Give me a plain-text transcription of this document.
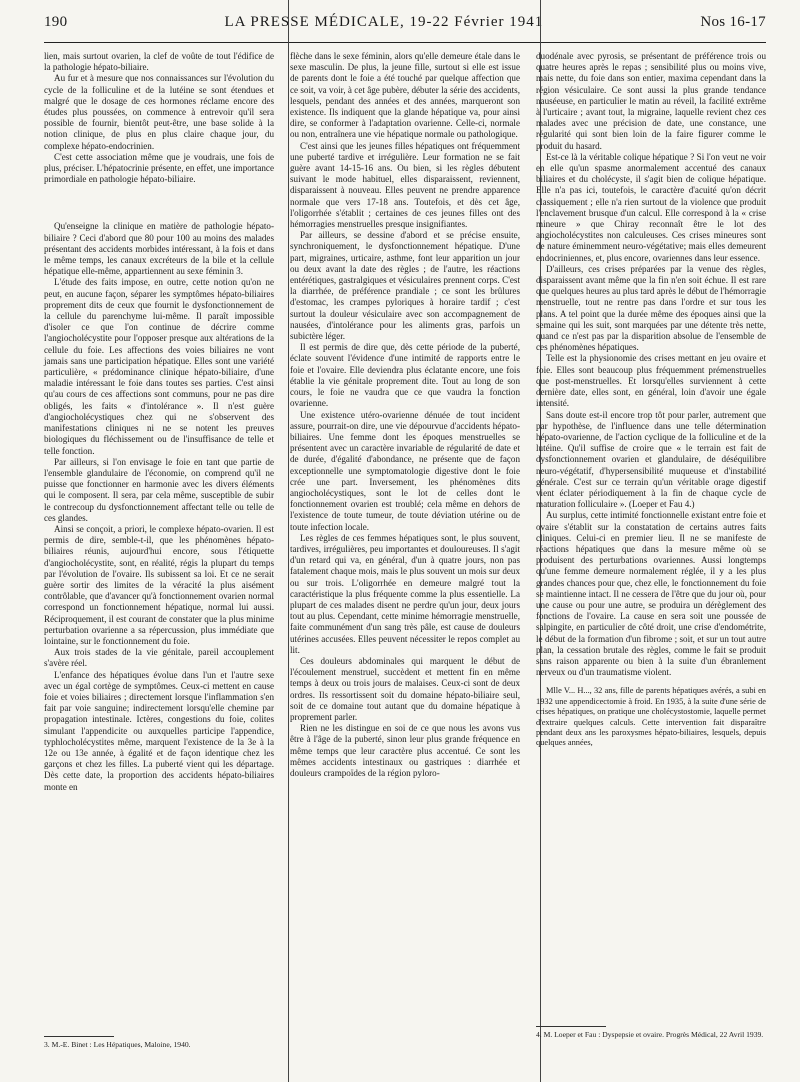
190	LA PRESSE MÉDICALE, 19-22 Février 1941	Nos 16-17

lien, mais surtout ovarien, la clef de voûte de tout l'édifice de la pathologie hépato-biliaire.

Au fur et à mesure que nos connaissances sur l'évolution du cycle de la folliculine et de la lutéine se sont étendues et malgré que le dosage de ces hormones réclame encore des études plus poussées, on commence à entrevoir qu'il sera possible de fournir, bientôt peut-être, une base solide à la notion clinique, de plus en plus claire chaque jour, du complexe hépato-endocrinien.

C'est cette association même que je voudrais, une fois de plus, préciser. L'hépatocrinie présente, en effet, une importance primordiale en pathologie hépato-biliaire.

Qu'enseigne la clinique en matière de pathologie hépato-biliaire ? Ceci d'abord que 80 pour 100 au moins des malades présentant des accidents morbides intéressant, à la fois et dans le même temps, les canaux excréteurs de la bile et la cellule hépatique elle-même, appartiennent au sexe féminin 3.

L'étude des faits impose, en outre, cette notion qu'on ne peut, en aucune façon, séparer les symptômes hépato-biliaires proprement dits de ceux que fournit le dysfonctionnement de la cellule du parenchyme lui-même. Il paraît impossible d'isoler ce que l'on continue de décrire comme l'angiocholécystite pour l'opposer presque aux altérations de la cellule du foie. Les affections des voies biliaires ne vont jamais sans une participation hépatique. Elles sont une variété particulière, « prédominance clinique hépato-biliaire, d'une maladie intéressant le foie dans toutes ses parties. C'est ainsi qu'au cours de ces affections sont communs, pour ne pas dire obligés, les faits « d'intolérance ». Il n'est guère d'angiocholécystiques chez qui ne s'observent des manifestations cliniques ni ne se notent les preuves biologiques du fléchissement ou de l'insuffisance de telle et telle fonction.

Par ailleurs, si l'on envisage le foie en tant que partie de l'ensemble glandulaire de l'économie, on comprend qu'il ne puisse que fonctionner en harmonie avec les divers éléments qui le composent. Il sera, par cela même, susceptible de subir le contrecoup du dysfonctionnement affectant telle ou telle de ces glandes.

Ainsi se conçoit, a priori, le complexe hépato-ovarien. Il est permis de dire, semble-t-il, que les phénomènes hépato-biliaires réunis, aujourd'hui encore, sous l'étiquette d'angiocholécystite, sont, en réalité, régis la plupart du temps par l'évolution de l'ovaire. Ils subissent sa loi. Et ce ne serait guère sortir des limites de la véracité la plus aisément contrôlable, que d'avancer qu'à fonctionnement ovarien normal correspond un fonctionnement hépatique, normal lui aussi. Réciproquement, il est courant de constater que la plus minime perturbation ovarienne a sa répercussion, plus immédiate que lointaine, sur le fonctionnement du foie.

Aux trois stades de la vie génitale, pareil accouplement s'avère réel.

L'enfance des hépatiques évolue dans l'un et l'autre sexe avec un égal cortège de symptômes. Ceux-ci mettent en cause foie et voies biliaires ; directement lorsque l'inflammation s'en fait par voie sanguine; indirectement lorsqu'elle chemine par propagation intestinale. Ictères, congestions du foie, colites simulant l'appendicite ou auxquelles participe l'appendice, typhlocholécystites même, marquent l'existence de la 3e à la 12e ou 13e année, à égalité et de façon identique chez les garçons et chez les filles. La puberté vient qui les départage. Dès cette date, la proportion des accidents hépato-biliaires monte en

3. M.-E. Binet : Les Hépatiques, Maloine, 1940.

flèche dans le sexe féminin, alors qu'elle demeure étale dans le sexe masculin. De plus, la jeune fille, surtout si elle est issue de parents dont le foie a été touché par quelque affection que ce soit, va voir, à cet âge pubère, débuter la série des accidents, lesquels, pendant des années et des années, marqueront son existence. Ils indiquent que la glande hépatique va, pour ainsi dire, se conformer à l'adaptation ovarienne. Celle-ci, normale ou non, entraînera une vie hépatique normale ou pathologique.

C'est ainsi que les jeunes filles hépatiques ont fréquemment une puberté tardive et irrégulière. Leur formation ne se fait guère avant 14-15-16 ans. Ou bien, si les règles débutent suivant le mode habituel, elles disparaissent, reviennent, disparaissent à nouveau. Elles peuvent ne prendre apparence normale que vers 17-18 ans. Toutefois, et dès cet âge, l'oligorrhée s'établit ; certaines de ces jeunes filles ont des hémorragies menstruelles presque insignifiantes.

Par ailleurs, se dessine d'abord et se précise ensuite, synchroniquement, le dysfonctionnement hépatique. D'une part, migraines, urticaire, asthme, font leur apparition un jour ou deux avant la date des règles ; de l'autre, les réactions entérétiques, gastralgiques et vésiculaires prennent corps. C'est la diarrhée, de préférence prandiale ; ce sont les brûlures d'estomac, les crampes pyloriques à horaire tardif ; c'est surtout la douleur vésiculaire avec son accompagnement de nausées, d'intolérance pour les aliments gras, parfois un subictère léger.

Il est permis de dire que, dès cette période de la puberté, éclate souvent l'évidence d'une intimité de rapports entre le foie et l'ovaire. Elle deviendra plus éclatante encore, une fois établie la vie génitale proprement dite. Tout au long de son cours, le foie ne vaudra que ce que vaudra la fonction ovarienne.

Une existence utéro-ovarienne dénuée de tout incident assure, pourrait-on dire, une vie dépourvue d'accidents hépato-biliaires. Une femme dont les époques menstruelles se présentent avec un caractère invariable de régularité de date et de durée, d'égalité d'abondance, ne présente que de façon exceptionnelle une symptomatologie digestive dont le foie crée une part. Inversement, les phénomènes dits angiocholécystiques, sont le lot de celles dont le fonctionnement ovarien est troublé; cela même en dehors de l'existence de toute tumeur, de toute déviation utérine ou de toute infection locale.

Les règles de ces femmes hépatiques sont, le plus souvent, tardives, irrégulières, peu importantes et douloureuses. Il s'agit d'un retard qui va, en général, d'un à quatre jours, non pas fatalement chaque mois, mais le plus souvent un mois sur deux ou sur trois. L'oligorrhée en demeure malgré tout la caractéristique la plus fréquente comme la plus essentielle. La plupart de ces malades disent ne perdre qu'un jour, deux jours tout au plus. Cependant, cette minime hémorragie menstruelle, faite communément d'un sang très pâle, est cause de douleurs utérines accusées. Elles peuvent nécessiter le repos complet au lit.

Ces douleurs abdominales qui marquent le début de l'écoulement menstruel, succèdent et mettent fin en même temps à deux ou trois jours de malaises. Ceux-ci sont de deux ordres. Ils ressortissent soit du domaine hépato-biliaire seul, soit de ce domaine tout autant que du domaine hépatique à proprement parler.

Rien ne les distingue en soi de ce que nous les avons vus être à l'âge de la puberté, sinon leur plus grande fréquence en même temps que leur caractère plus accentué. Ce sont les mêmes accidents intestinaux ou gastriques : diarrhée et douleurs crampoïdes de la région pyloro-

duodénale avec pyrosis, se présentant de préférence trois ou quatre heures après le repas ; sensibilité plus ou moins vive, mais nette, du foie dans son entier, maxima cependant dans la région vésiculaire. Ce sont aussi la plus grande tendance nauséeuse, en particulier le matin au réveil, la facilité extrême à l'urticaire ; avant tout, la migraine, laquelle revient chez ces malades avec une précision de date, une constance, une régularité qui sont bien loin de la faire figurer comme le produit du hasard.

Est-ce là la véritable colique hépatique ? Si l'on veut ne voir en elle qu'un spasme anormalement accentué des canaux biliaires et du cholécyste, il s'agit bien de colique hépatique. Elle n'a pas ici, toutefois, le caractère d'acuité qu'on décrit classiquement ; elle n'a rien surtout de la violence que produit l'enclavement brusque d'un calcul. Elle correspond à la « crise mineure » que Chiray reconnaît être le lot des angiocholécystites non calculeuses. Ces crises mineures sont de nature éminemment neuro-végétative; mais elles demeurent endocriniennes, et, plus encore, ovariennes dans leur essence.

D'ailleurs, ces crises préparées par la venue des règles, disparaissent avant même que la fin n'en soit échue. Il est rare que quelques heures au plus tard après le début de l'hémorragie menstruelle, tout ne rentre pas dans l'ordre et sur tous les plans. A tel point que la durée même des époques ainsi que la semaine qui les suit, sont marquées par une détente très nette, quand ce n'est pas par la disparition absolue de l'ensemble de ces phénomènes hépatiques.

Telle est la physionomie des crises mettant en jeu ovaire et foie. Elles sont beaucoup plus fréquemment prémenstruelles que post-menstruelles. Et lorsqu'elles surviennent à cette dernière date, elles sont, en général, loin d'avoir une égale intensité.

Sans doute est-il encore trop tôt pour parler, autrement que par hypothèse, de l'influence dans une telle détermination hépato-ovarienne, de l'action cyclique de la folliculine et de la lutéine. Qu'il suffise de croire que « le terrain est fait de dysfonctionnement ovarien et glandulaire, de déséquilibre neuro-végétatif, d'hypersensibilité muqueuse et d'instabilité générale. C'est sur ce terrain qu'un véritable orage digestif vient éclater périodiquement à la fin de chaque cycle de maturation folliculaire ». (Loeper et Fau 4.)

Au surplus, cette intimité fonctionnelle existant entre foie et ovaire s'établit sur la constatation de certains autres faits cliniques. Celui-ci en premier lieu. Il ne se manifeste de réactions hépatiques que dans la mesure même où se produisent des perturbations ovariennes. Aussi longtemps qu'une femme demeure normalement réglée, il y a les plus grandes chances pour que, chez elle, le fonctionnement du foie se maintienne intact. Il ne cessera de l'être que du jour où, pour une cause ou pour une autre, se produira un dérèglement des fonctions de l'ovaire. La cause en sera soit une poussée de salpingite, en particulier de côté droit, une crise d'endométrite, le début de la formation d'un fibrome ; soit, et sur un tout autre plan, la cessation brutale des règles, comme le fait se produit sans raison apparente ou bien à la suite d'un ébranlement nerveux ou d'un traumatisme violent.

Mlle V... H..., 32 ans, fille de parents hépatiques avérés, a subi en 1932 une appendicectomie à froid. En 1935, à la suite d'une série de crises hépatiques, on pratique une cholécystostomie, laquelle permet d'extraire quelques calculs. Cette intervention fait disparaître pendant deux ans les paroxysmes hépato-biliaires, lesquels, depuis quelques années,

4. M. Loeper et Fau : Dyspepsie et ovaire. Progrès Médical, 22 Avril 1939.
